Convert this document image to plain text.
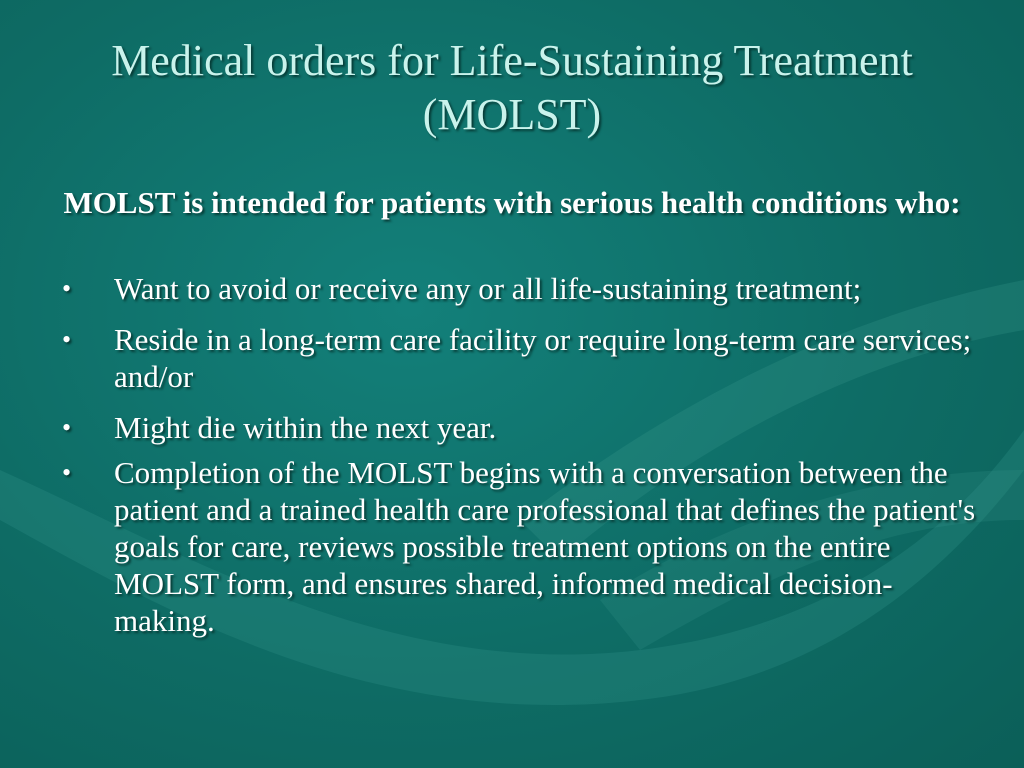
Medical orders for Life-Sustaining Treatment (MOLST)
MOLST is intended for patients with serious health conditions who:
• Want to avoid or receive any or all life-sustaining treatment;
• Reside in a long-term care facility or require long-term care services; and/or
• Might die within the next year.
• Completion of the MOLST begins with a conversation between the patient and a trained health care professional that defines the patient's goals for care, reviews possible treatment options on the entire MOLST form, and ensures shared, informed medical decision-making.
